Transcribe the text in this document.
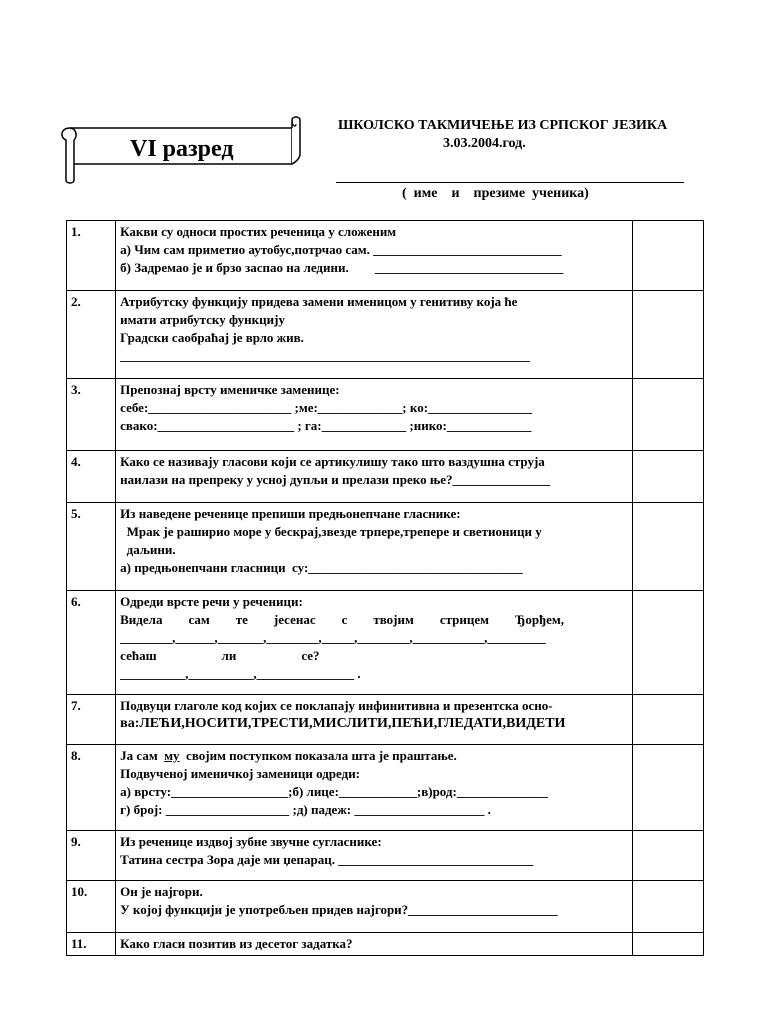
VI разред
ШКОЛСКО ТАКМИЧЕЊЕ ИЗ СРПСКОГ ЈЕЗИКА
3.03.2004.год.
(  име    и    презиме  ученика)
1.	Какви су односи простих реченица у сложеним
а) Чим сам приметио аутобус,потрчао сам. _____________________________
б) Задремао је и брзо заспао на ледини.        _____________________________	

2.	Атрибутску функцију придева замени именицом у генитиву која ће
имати атрибутску функцију
Градски саобраћај је врло жив.
_______________________________________________________________	

3.	Препознај врсту именичке заменице:
себе:______________________ ;ме:_____________; ко:________________
свако:_____________________ ; га:_____________ ;нико:_____________	

4.	Како се називају гласови који се артикулишу тако што ваздушна струја
наилази на препреку у усној дупљи и прелази преко ње?_______________	

5.	Из наведене реченице препиши предњонепчане гласнике:
Мрак је раширио море у бескрај,звезде трпере,треперe и светионици у
даљини.
а) предњонепчани гласници  су:_________________________________	

6.	Одреди врсте речи у реченици:
Видела        сам        те        јесенас        с        твојим        стрицем        Ђорђем,
________,______,_______,________,_____,________,___________,_________
сећаш                    ли                    се?
__________,__________,_______________ .	

7.	Подвуци глаголе код којих се поклапају инфинитивна и презентска осно-
ва:ЛЕЋИ,НОСИТИ,ТРЕСТИ,МИСЛИТИ,ПЕЋИ,ГЛЕДАТИ,ВИДЕТИ	

8.	Ја сам  му  својим поступком показала шта је праштање.
Подвученој именичкој заменици одреди:
а) врсту:__________________;б) лице:____________;в)род:______________
г) број: ___________________ ;д) падеж: ____________________ .	

9.	Из реченице издвој зубне звучне сугласнике:
Татина сестра Зора даје ми џепарац. ______________________________	

10.	Он је најгори.
У којој функцији је употребљен придев најгори?_______________________	

11.	Како гласи позитив из десетог задатка?	
